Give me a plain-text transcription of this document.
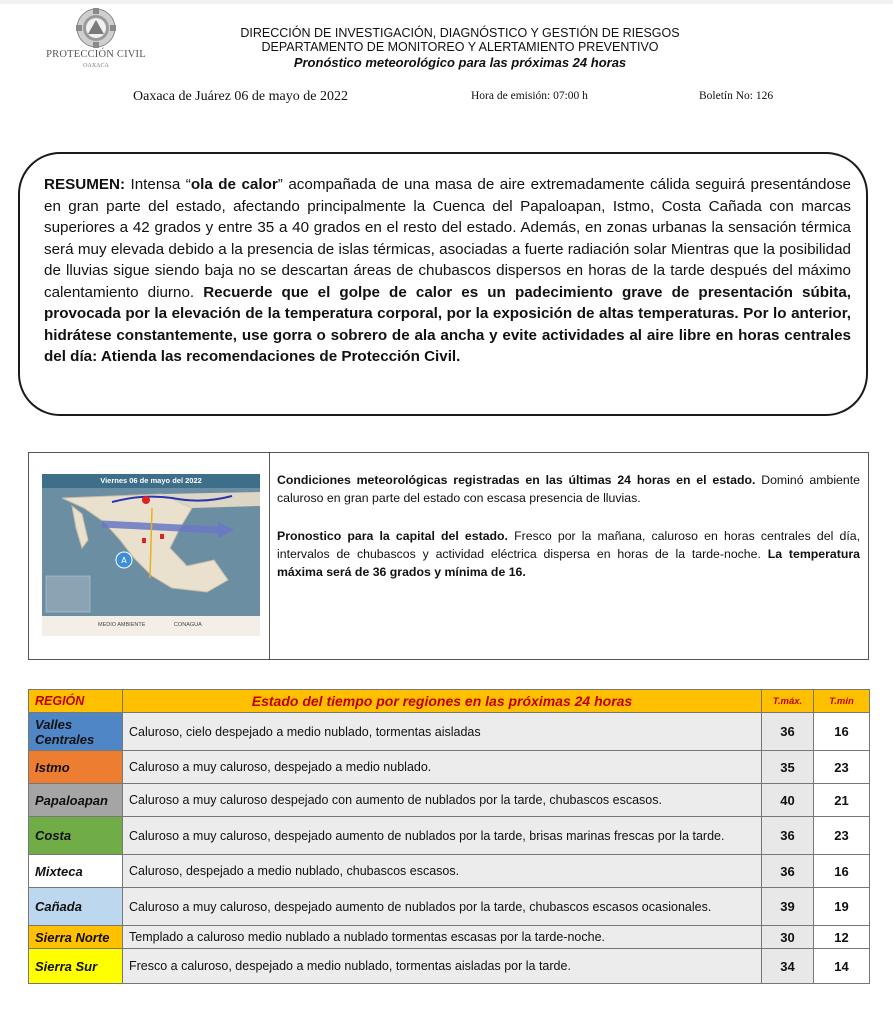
PROTECCIÓN CIVIL
OAXACA
DIRECCIÓN DE INVESTIGACIÓN, DIAGNÓSTICO Y GESTIÓN DE RIESGOS
DEPARTAMENTO DE MONITOREO Y ALERTAMIENTO PREVENTIVO
Pronóstico meteorológico para las próximas 24 horas
Oaxaca de Juárez 06 de mayo de 2022	Hora de emisión: 07:00 h	Boletín No: 126
RESUMEN: Intensa “ola de calor” acompañada de una masa de aire extremadamente cálida seguirá presentándose en gran parte del estado, afectando principalmente la Cuenca del Papaloapan, Istmo, Costa Cañada con marcas superiores a 42 grados y entre 35 a 40 grados en el resto del estado. Además, en zonas urbanas la sensación térmica será muy elevada debido a la presencia de islas térmicas, asociadas a fuerte radiación solar Mientras que la posibilidad de lluvias sigue siendo baja no se descartan áreas de chubascos dispersos en horas de la tarde después del máximo calentamiento diurno. Recuerde que el golpe de calor es un padecimiento grave de presentación súbita, provocada por la elevación de la temperatura corporal, por la exposición de altas temperaturas. Por lo anterior, hidrátese constantemente, use gorra o sobrero de ala ancha y evite actividades al aire libre en horas centrales del día: Atienda las recomendaciones de Protección Civil.
Viernes 06 de mayo del 2022
A
MEDIO AMBIENTE	CONAGUA
Condiciones meteorológicas registradas en las últimas 24 horas en el estado. Dominó ambiente caluroso en gran parte del estado con escasa presencia de lluvias.
Pronostico para la capital del estado. Fresco por la mañana, caluroso en horas centrales del día, intervalos de chubascos y actividad eléctrica dispersa en horas de la tarde-noche. La temperatura máxima será de 36 grados y mínima de 16.
REGIÓN	Estado del tiempo por regiones en las próximas 24 horas	T.máx.	T.min
Valles Centrales	Caluroso, cielo despejado a medio nublado, tormentas aisladas	36	16
Istmo	Caluroso a muy caluroso, despejado a medio nublado.	35	23
Papaloapan	Caluroso a muy caluroso despejado con aumento de nublados por la tarde, chubascos escasos.	40	21
Costa	Caluroso a muy caluroso, despejado aumento de nublados por la tarde, brisas marinas frescas por la tarde.	36	23
Mixteca	Caluroso, despejado a medio nublado, chubascos escasos.	36	16
Cañada	Caluroso a muy caluroso, despejado aumento de nublados por la tarde, chubascos escasos ocasionales.	39	19
Sierra Norte	Templado a caluroso medio nublado a nublado tormentas escasas por la tarde-noche.	30	12
Sierra Sur	Fresco a caluroso, despejado a medio nublado, tormentas aisladas por la tarde.	34	14
